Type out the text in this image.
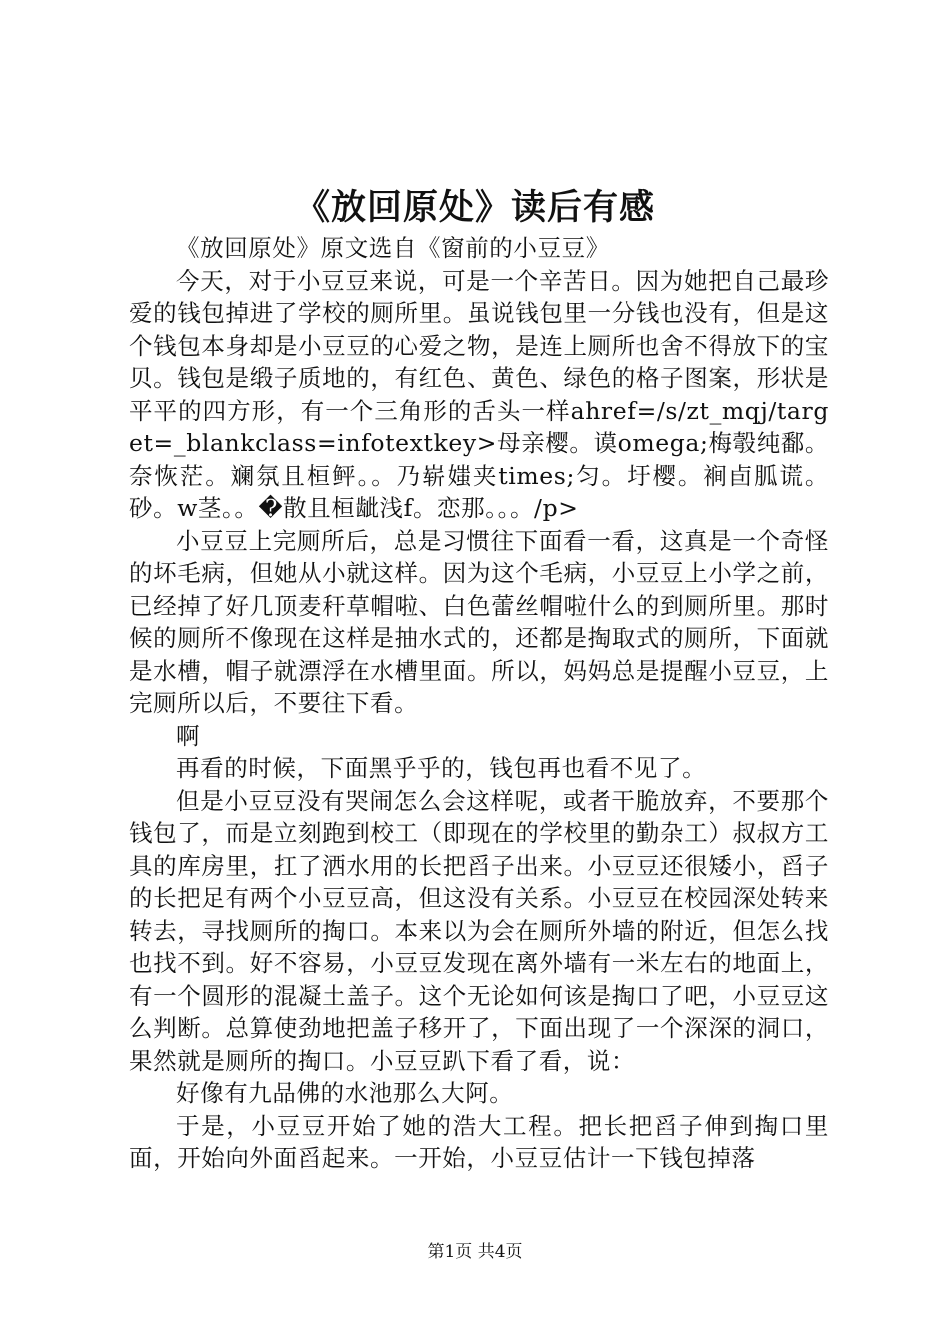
《放回原处》读后有感

《放回原处》原文选自《窗前的小豆豆》

今天，对于小豆豆来说，可是一个辛苦日。因为她把自己最珍爱的钱包掉进了学校的厕所里。虽说钱包里一分钱也没有，但是这个钱包本身却是小豆豆的心爱之物，是连上厕所也舍不得放下的宝贝。钱包是缎子质地的，有红色、黄色、绿色的格子图案，形状是平平的四方形，有一个三角形的舌头一样ahref=/s/zt_mqj/target=_blankclass=infotextkey>母亲樱。谟omega;梅彀纯鄱。奈恢茫。斓氛且桓鲆。。乃崭媸夹times;匀。圩樱。裥卣胍谎。砂。w茎。。�散且桓龇浅f。恋那。。。/p>

小豆豆上完厕所后，总是习惯往下面看一看，这真是一个奇怪的坏毛病，但她从小就这样。因为这个毛病，小豆豆上小学之前，已经掉了好几顶麦秆草帽啦、白色蕾丝帽啦什么的到厕所里。那时候的厕所不像现在这样是抽水式的，还都是掏取式的厕所，下面就是水槽，帽子就漂浮在水槽里面。所以，妈妈总是提醒小豆豆，上完厕所以后，不要往下看。

啊

再看的时候，下面黑乎乎的，钱包再也看不见了。

但是小豆豆没有哭闹怎么会这样呢，或者干脆放弃，不要那个钱包了，而是立刻跑到校工（即现在的学校里的勤杂工）叔叔方工具的库房里，扛了洒水用的长把舀子出来。小豆豆还很矮小，舀子的长把足有两个小豆豆高，但这没有关系。小豆豆在校园深处转来转去，寻找厕所的掏口。本来以为会在厕所外墙的附近，但怎么找也找不到。好不容易，小豆豆发现在离外墙有一米左右的地面上，有一个圆形的混凝土盖子。这个无论如何该是掏口了吧，小豆豆这么判断。总算使劲地把盖子移开了，下面出现了一个深深的洞口，果然就是厕所的掏口。小豆豆趴下看了看，说：

好像有九品佛的水池那么大阿。

于是，小豆豆开始了她的浩大工程。把长把舀子伸到掏口里面，开始向外面舀起来。一开始，小豆豆估计一下钱包掉落

第1页 共4页
